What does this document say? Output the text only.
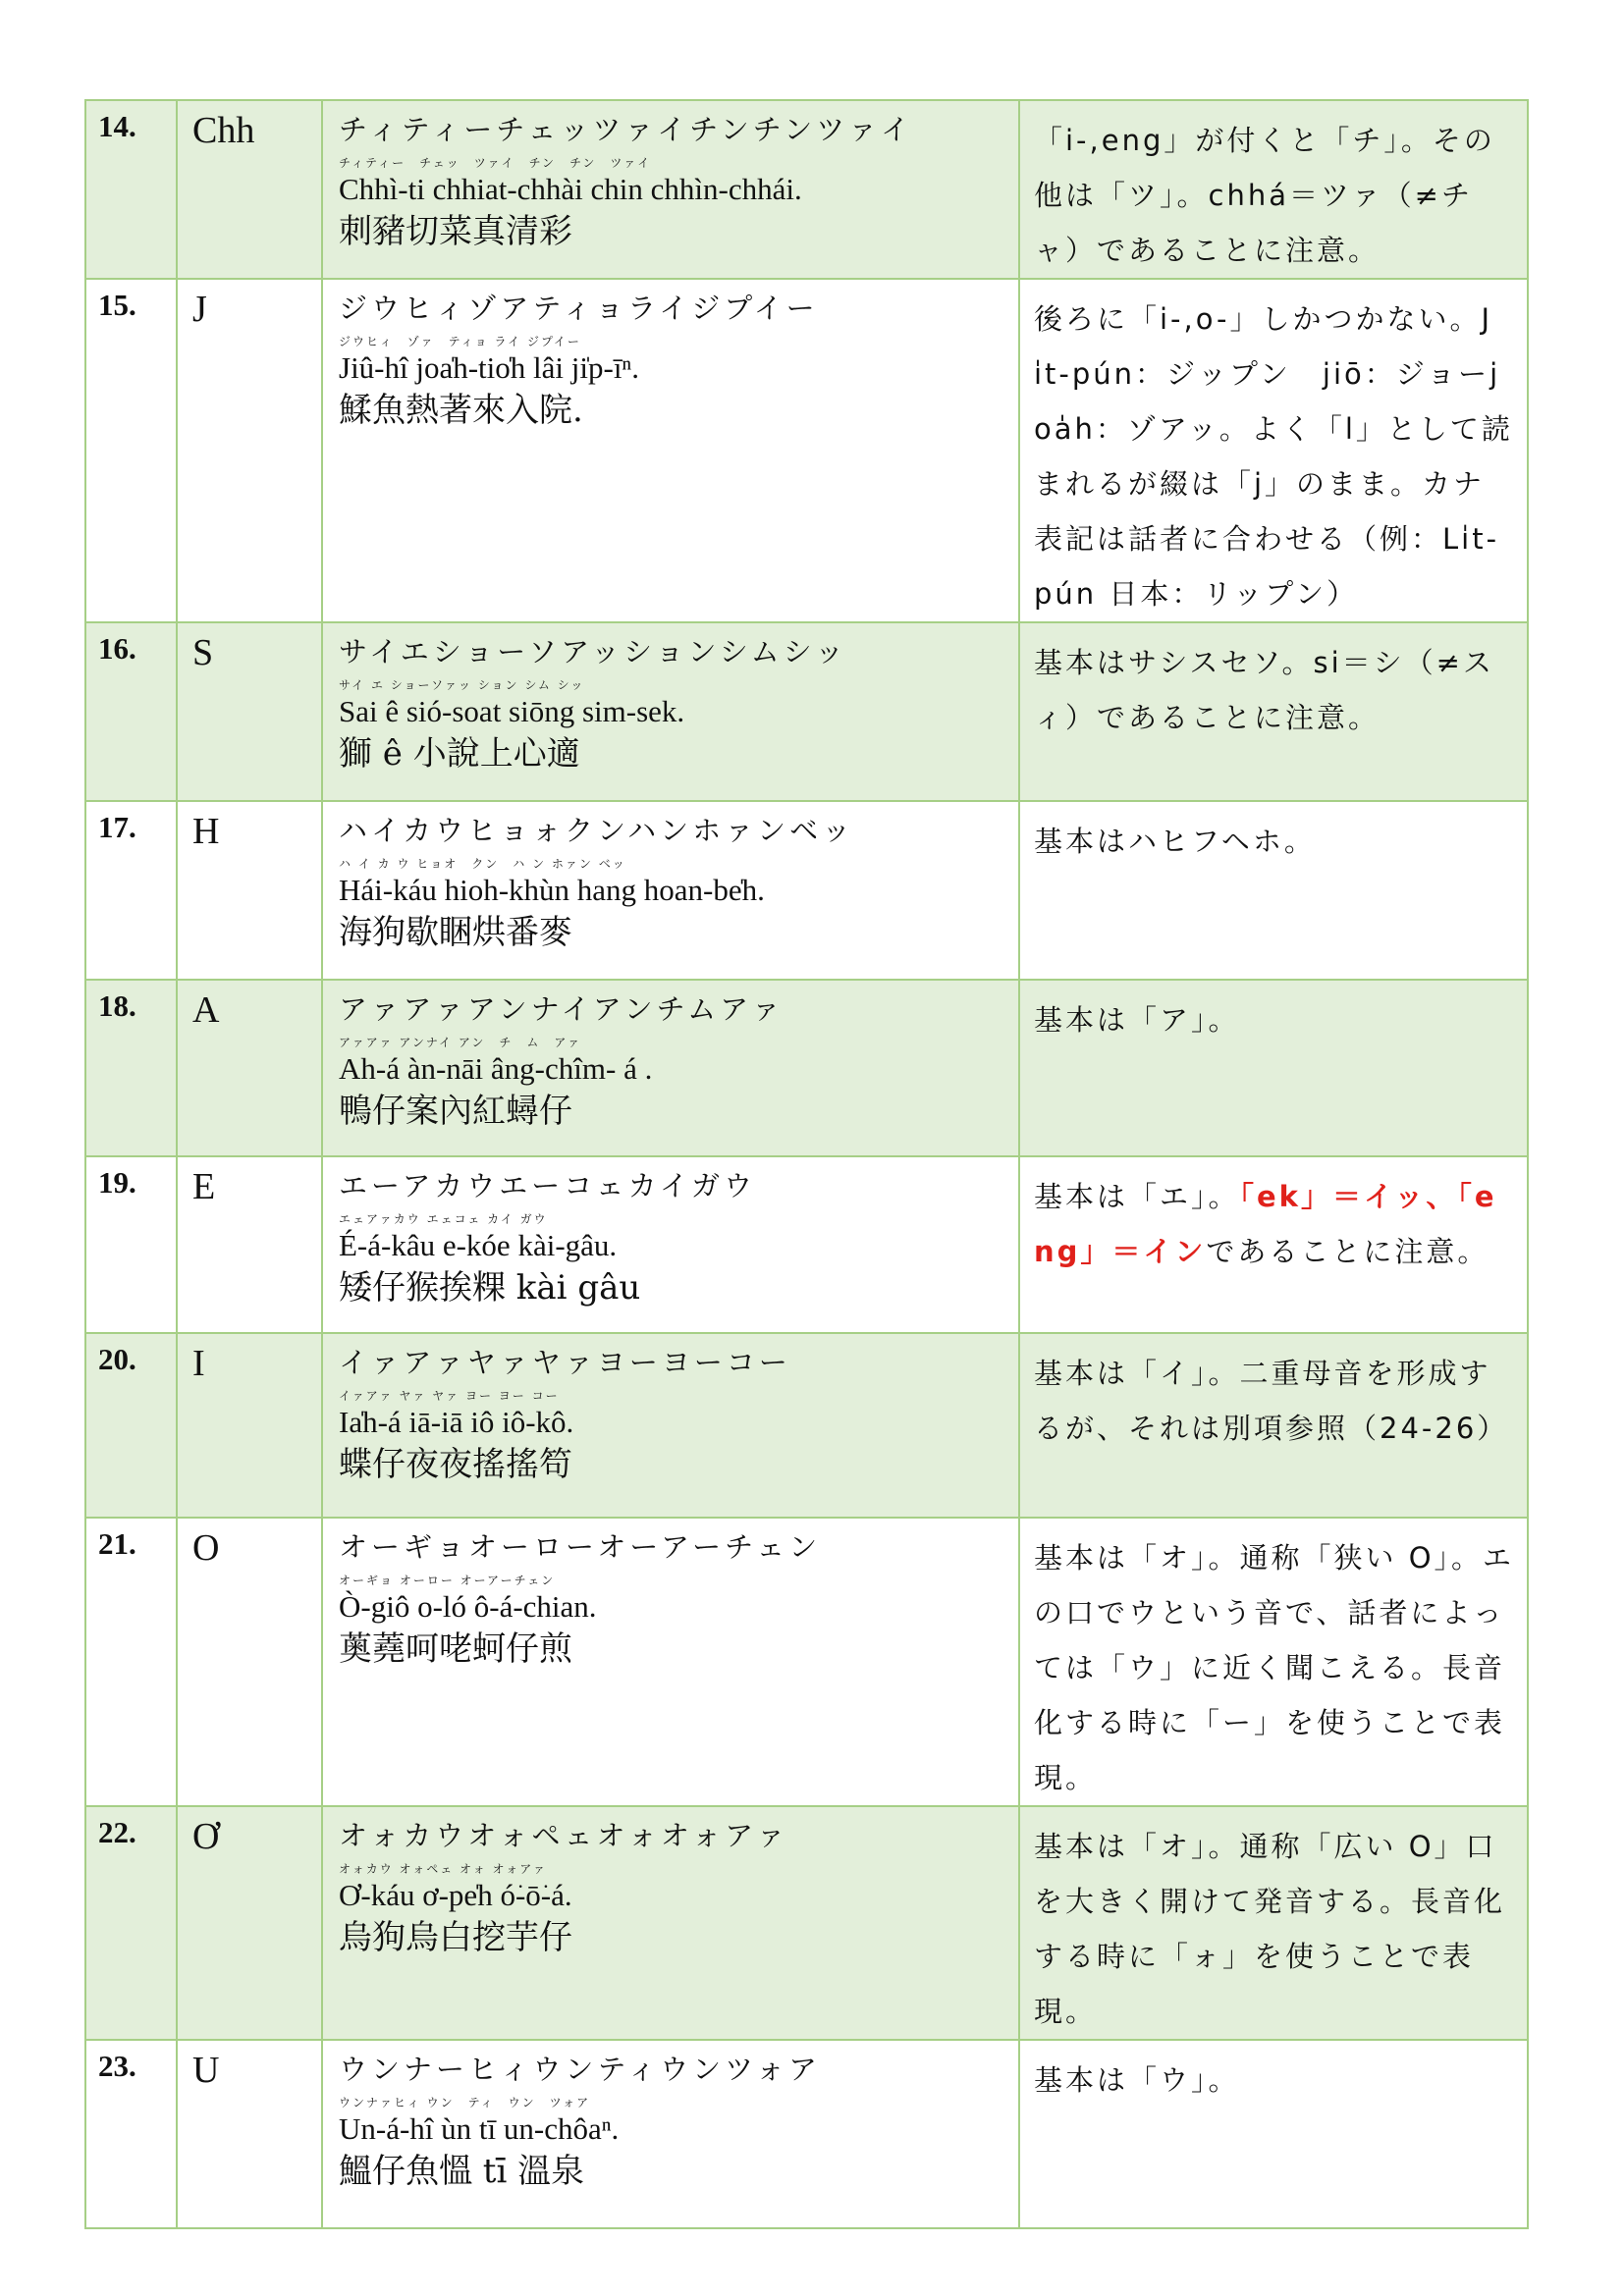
14.	Chh	チィティーチェッツァイチンチンツァイ
チィティー　チェッ　ツァイ　チン　チン　ツァイ
Chhì-ti chhiat-chhài chin chhìn-chhái.
刺豬切菜真清彩	「i-,eng」が付くと「チ」。その他は「ツ」。chhá＝ツァ（≠チャ）であることに注意。
15.	J	ジウヒィゾアティョライジプイー
ジウヒィ　ゾァ　ティョ ライ ジプイー
Jiû-hî joa̍h-tio̍h lâi ji̍p-īⁿ.
鰇魚熱著來入院.	後ろに「i-,o-」しかつかない。Ji̍t-pún：ジップン　jiō：ジョーjoa̍h：ゾアッ。よく「l」として読まれるが綴は「j」のまま。カナ表記は話者に合わせる（例：Li̍t-pún 日本：リップン）
16.	S	サイエショーソアッションシムシッ
サイ エ ショーソァッ ション シム シッ
Sai ê sió-soat siōng sim-sek.
獅 ê 小說上心適	基本はサシスセソ。si＝シ（≠スィ）であることに注意。
17.	H	ハイカウヒョォクンハンホァンベッ
ハ イ カ ウ ヒョオ　クン　ハ ン ホァン ベッ
Hái-káu hioh-khùn hang hoan-be̍h.
海狗歇睏烘番麥	基本はハヒフヘホ。
18.	A	アァアァアンナイアンチムアァ
アァアァ アンナイ アン　チ　ム　アァ
Ah-á àn-nāi âng-chîm- á .
鴨仔案內紅蟳仔	基本は「ア」。
19.	E	エーアカウエーコェカイガウ
エェアァカウ エェコェ カイ ガウ
É-á-kâu e-kóe kài-gâu.
矮仔猴挨粿 kài gâu	基本は「エ」。「ek」＝イッ、「eng」＝インであることに注意。
20.	I	イァアァヤァヤァヨーヨーコー
イァアァ ヤァ ヤァ ヨー ヨー コー
Ia̍h-á iā-iā iô iô-kô.
蝶仔夜夜搖搖笱	基本は「イ」。二重母音を形成するが、それは別項参照（24-26）
21.	O	オーギョオーローオーアーチェン
オーギョ オーロー オーアーチェン
Ò-giô o-ló ô-á-chian.
薁蕘呵咾蚵仔煎	基本は「オ」。通称「狭い O」。エの口でウという音で、話者によっては「ウ」に近く聞こえる。長音化する時に「ー」を使うことで表現。
22.	Ơ	オォカウオォペェオォオォアァ
オォカウ オォペェ オォ オォアァ
Ơ-káu ơ-pe̍h ó͘-ō͘-á.
烏狗烏白挖芋仔	基本は「オ」。通称「広い O」口を大きく開けて発音する。長音化する時に「ォ」を使うことで表現。
23.	U	ウンナーヒィウンティウンツォア
ウンナァヒィ ウン　ティ　ウン　ツォア
Un-á-hî ùn tī un-chôaⁿ.
鰮仔魚慍 tī 溫泉	基本は「ウ」。
